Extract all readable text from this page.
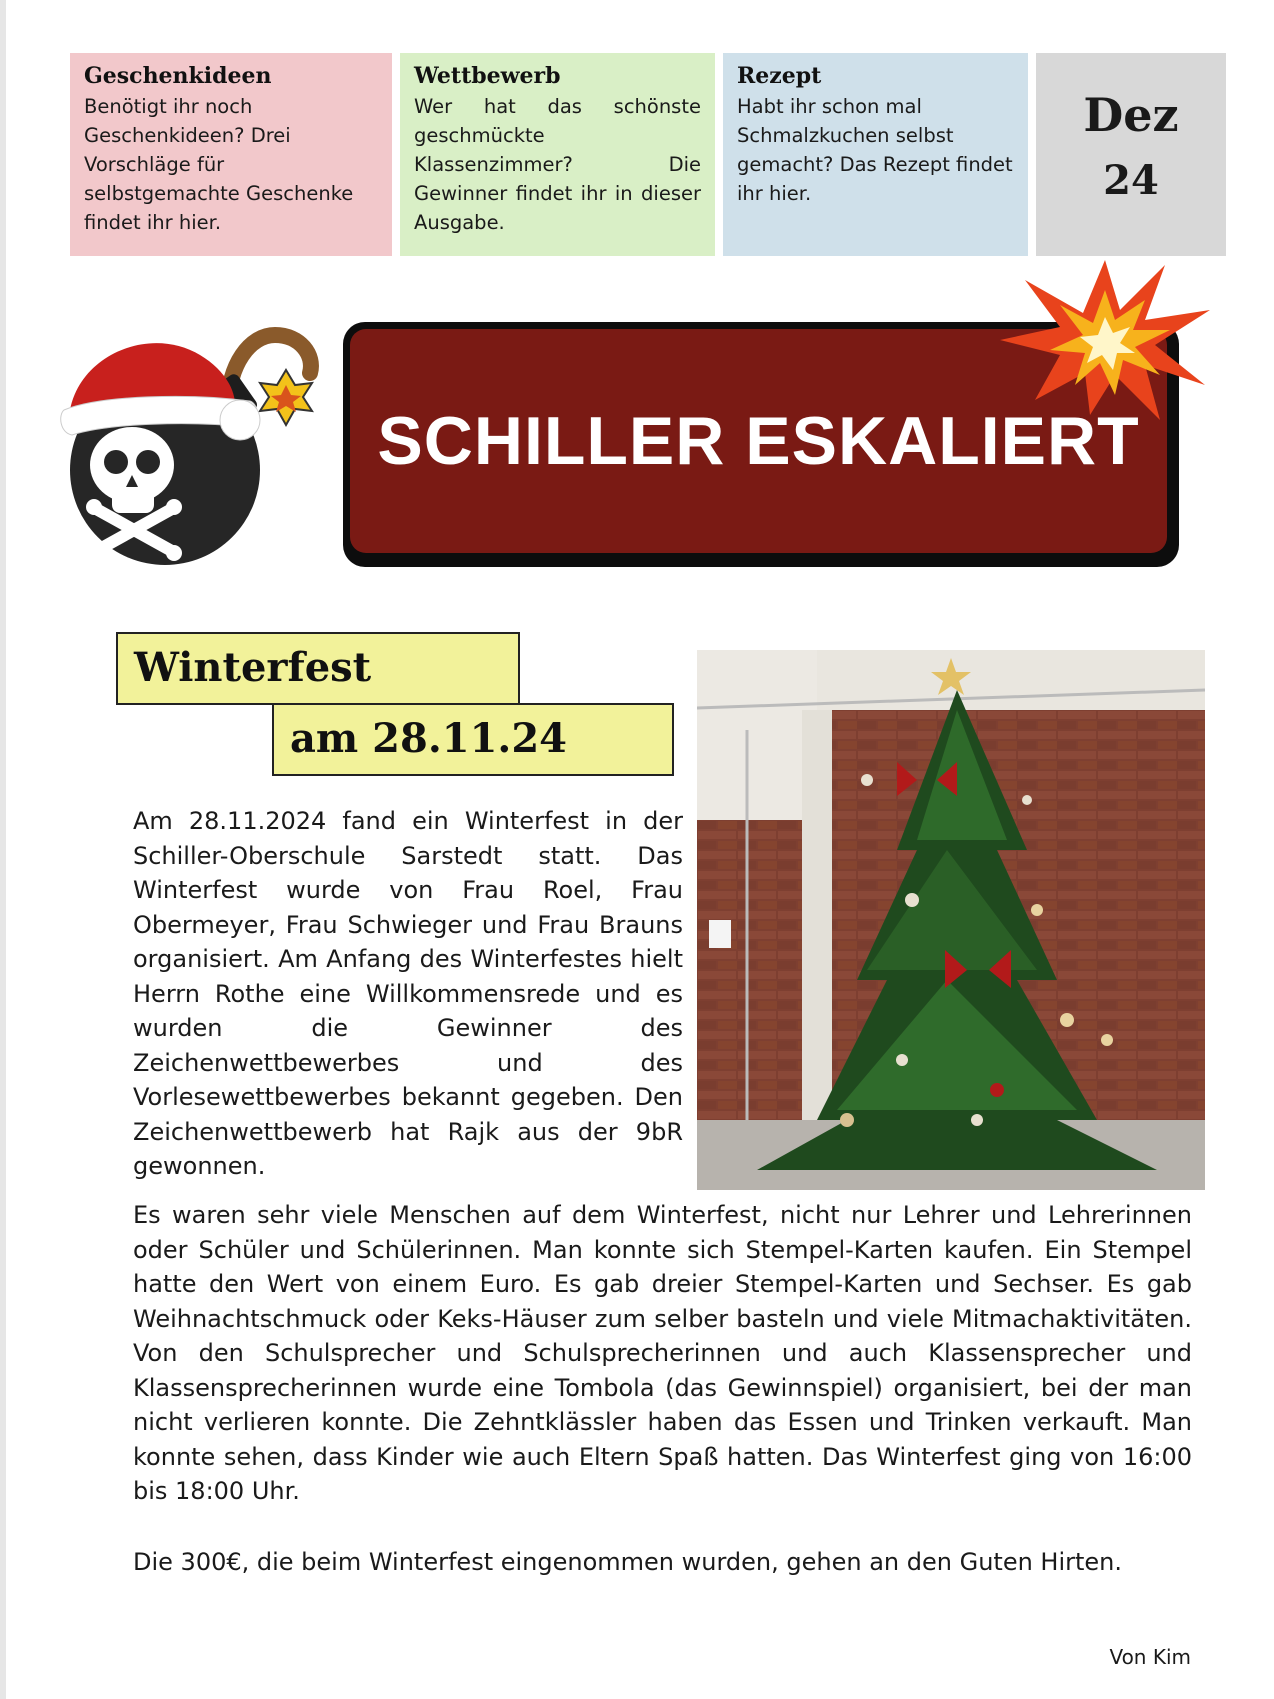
Geschenkideen
Benötigt ihr noch Geschenkideen? Drei Vorschläge für selbstgemachte Geschenke findet ihr hier.
Wettbewerb
Wer hat das schönste geschmückte Klassenzimmer? Die Gewinner findet ihr in dieser Ausgabe.
Rezept
Habt ihr schon mal Schmalzkuchen selbst gemacht? Das Rezept findet ihr hier.
Dez
24
SCHILLER ESKALIERT
Winterfest
am 28.11.24
Am 28.11.2024 fand ein Winterfest in der Schiller-Oberschule Sarstedt statt. Das Winterfest wurde von Frau Roel, Frau Obermeyer, Frau Schwieger und Frau Brauns organisiert. Am Anfang des Winterfestes hielt Herrn Rothe eine Willkommensrede und es wurden die Gewinner des Zeichenwettbewerbes und des Vorlesewettbewerbes bekannt gegeben. Den Zeichenwettbewerb hat Rajk aus der 9bR gewonnen.
Es waren sehr viele Menschen auf dem Winterfest, nicht nur Lehrer und Lehrerinnen oder Schüler und Schülerinnen. Man konnte sich Stempel-Karten kaufen. Ein Stempel hatte den Wert von einem Euro. Es gab dreier Stempel-Karten und Sechser. Es gab Weihnachtschmuck oder Keks-Häuser zum selber basteln und viele Mitmachaktivitäten. Von den Schulsprecher und Schulsprecherinnen und auch Klassensprecher und Klassensprecherinnen wurde eine Tombola (das Gewinnspiel) organisiert, bei der man nicht verlieren konnte. Die Zehntklässler haben das Essen und Trinken verkauft. Man konnte sehen, dass Kinder wie auch Eltern Spaß hatten. Das Winterfest ging von 16:00 bis 18:00 Uhr.
Die 300€, die beim Winterfest eingenommen wurden, gehen an den Guten Hirten.
Von Kim
